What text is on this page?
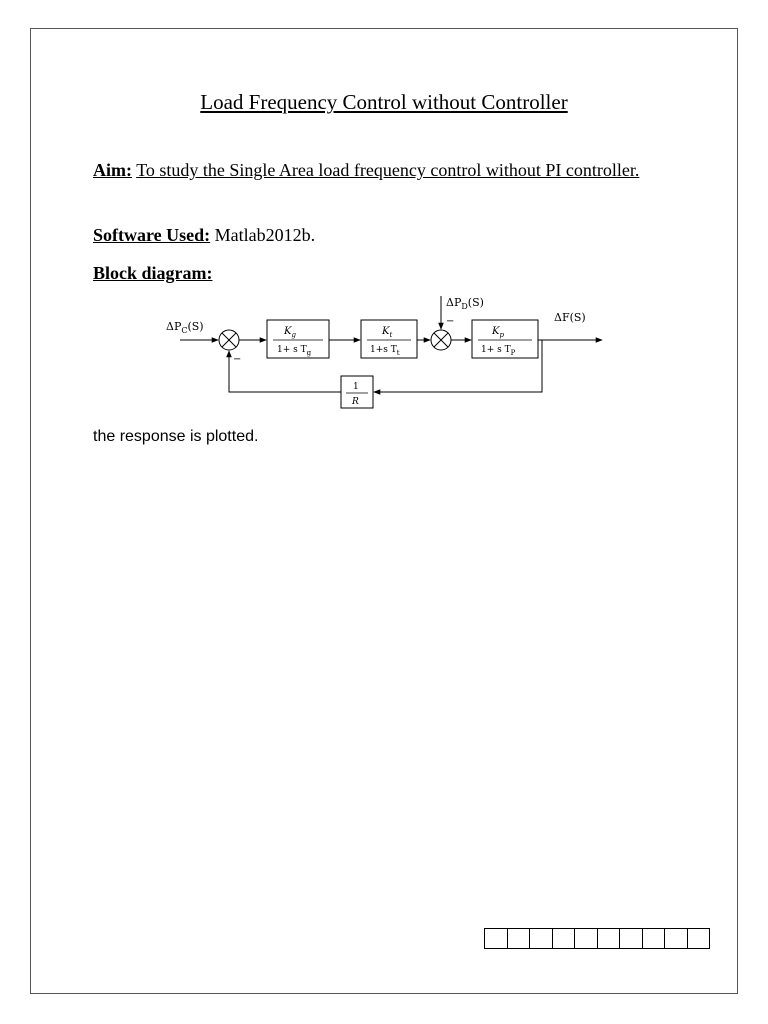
Load Frequency Control without Controller
Aim: To study the Single Area load frequency control without PI controller.
Software Used: Matlab2012b.
Block diagram:
$\Delta P_C(S)$
−
$K_g$
1+ s $T_g$
$K_t$
1+s $T_t$
$\Delta P_D(S)$
−
$K_p$
1+ s $T_P$
ΔF(S)
1
R
the response is plotted.
